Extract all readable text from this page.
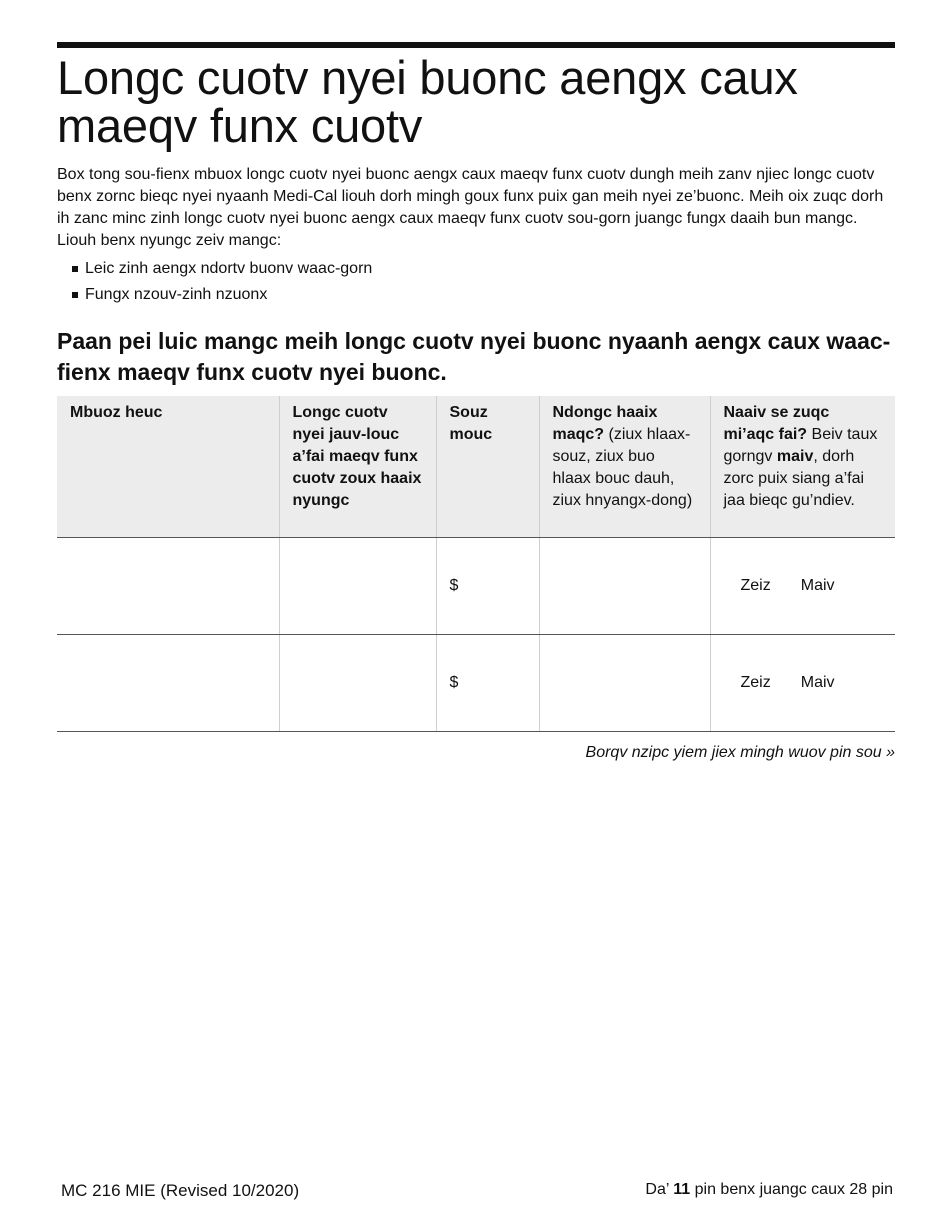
Longc cuotv nyei buonc aengx caux maeqv funx cuotv

Box tong sou-fienx mbuox longc cuotv nyei buonc aengx caux maeqv funx cuotv dungh meih zanv njiec longc cuotv benx zornc bieqc nyei nyaanh Medi-Cal liouh dorh mingh goux funx puix gan meih nyei ze’buonc. Meih oix zuqc dorh ih zanc minc zinh longc cuotv nyei buonc aengx caux maeqv funx cuotv sou-gorn juangc fungx daaih bun mangc. Liouh benx nyungc zeiv mangc:

Leic zinh aengx ndortv buonv waac-gorn
Fungx nzouv-zinh nzuonx
Paan pei luic mangc meih longc cuotv nyei buonc nyaanh aengx caux waac-fienx maeqv funx cuotv nyei buonc.
Mbuoz heuc	Longc cuotv nyei jauv-louc a’fai maeqv funx cuotv zoux haaix nyungc	Souz mouc	Ndongc haaix maqc? (ziux hlaax-souz, ziux buo hlaax bouc dauh, ziux hnyangx-dong)	Naaiv se zuqc mi’aqc fai? Beiv taux gorngv maiv, dorh zorc puix siang a’fai jaa bieqc gu’ndiev.
		$		Zeiz Maiv
		$		Zeiz Maiv

Borqv nzipc yiem jiex mingh wuov pin sou »

MC 216 MIE (Revised 10/2020)	Da’ 11 pin benx juangc caux 28 pin
